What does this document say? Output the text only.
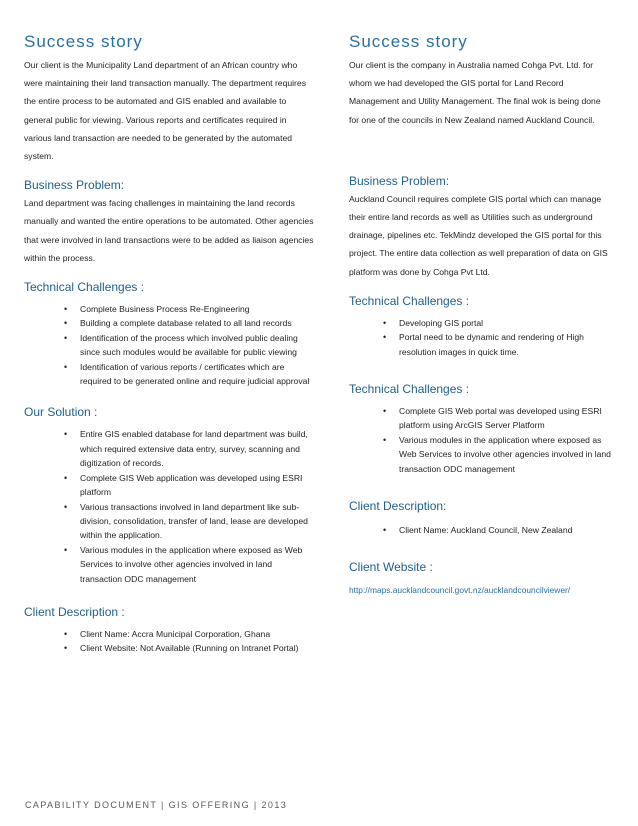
Success story

Our client is the Municipality Land department of an African country who were maintaining their land transaction manually. The department requires the entire process to be automated and GIS enabled and available to general public for viewing. Various reports and certificates required in various land transaction are needed to be generated by the automated system.

Business Problem:

Land department was facing challenges in maintaining the land records manually and wanted the entire operations to be automated. Other agencies that were involved in land transactions were to be added as liaison agencies within the process.

Technical Challenges :
• Complete Business Process Re-Engineering
• Building a complete database related to all land records
• Identification of the process which involved public dealing since such modules would be available for public viewing
• Identification of various reports / certificates which are required to be generated online and require judicial approval
Our Solution :
• Entire GIS enabled database for land department was build, which required extensive data entry, survey, scanning and digitization of records.
• Complete GIS Web application was developed using ESRI platform
• Various transactions involved in land department like sub-division, consolidation, transfer of land, lease are developed within the application.
• Various modules in the application where exposed as Web Services to involve other agencies involved in land transaction ODC management
Client Description :
• Client Name: Accra Municipal Corporation, Ghana
• Client Website: Not Available (Running on Intranet Portal)
Success story

Our client is the company in Australia named Cohga Pvt. Ltd. for whom we had developed the GIS portal for Land Record Management and Utility Management. The final wok is being done for one of the councils in New Zealand named Auckland Council.

Business Problem:

Auckland Council requires complete GIS portal which can manage their entire land records as well as Utilities such as underground drainage, pipelines etc. TekMindz developed the GIS portal for this project. The entire data collection as well preparation of data on GIS platform was done by Cohga Pvt Ltd.

Technical Challenges :
• Developing GIS portal
• Portal need to be dynamic and rendering of High resolution images in quick time.
Technical Challenges :
• Complete GIS Web portal was developed using ESRI platform using ArcGIS Server Platform
• Various modules in the application where exposed as Web Services to involve other agencies involved in land transaction ODC management
Client Description:
• Client Name: Auckland Council, New Zealand
Client Website :

http://maps.aucklandcouncil.govt.nz/aucklandcouncilviewer/

CAPABILITY DOCUMENT | GIS OFFERING | 2013
